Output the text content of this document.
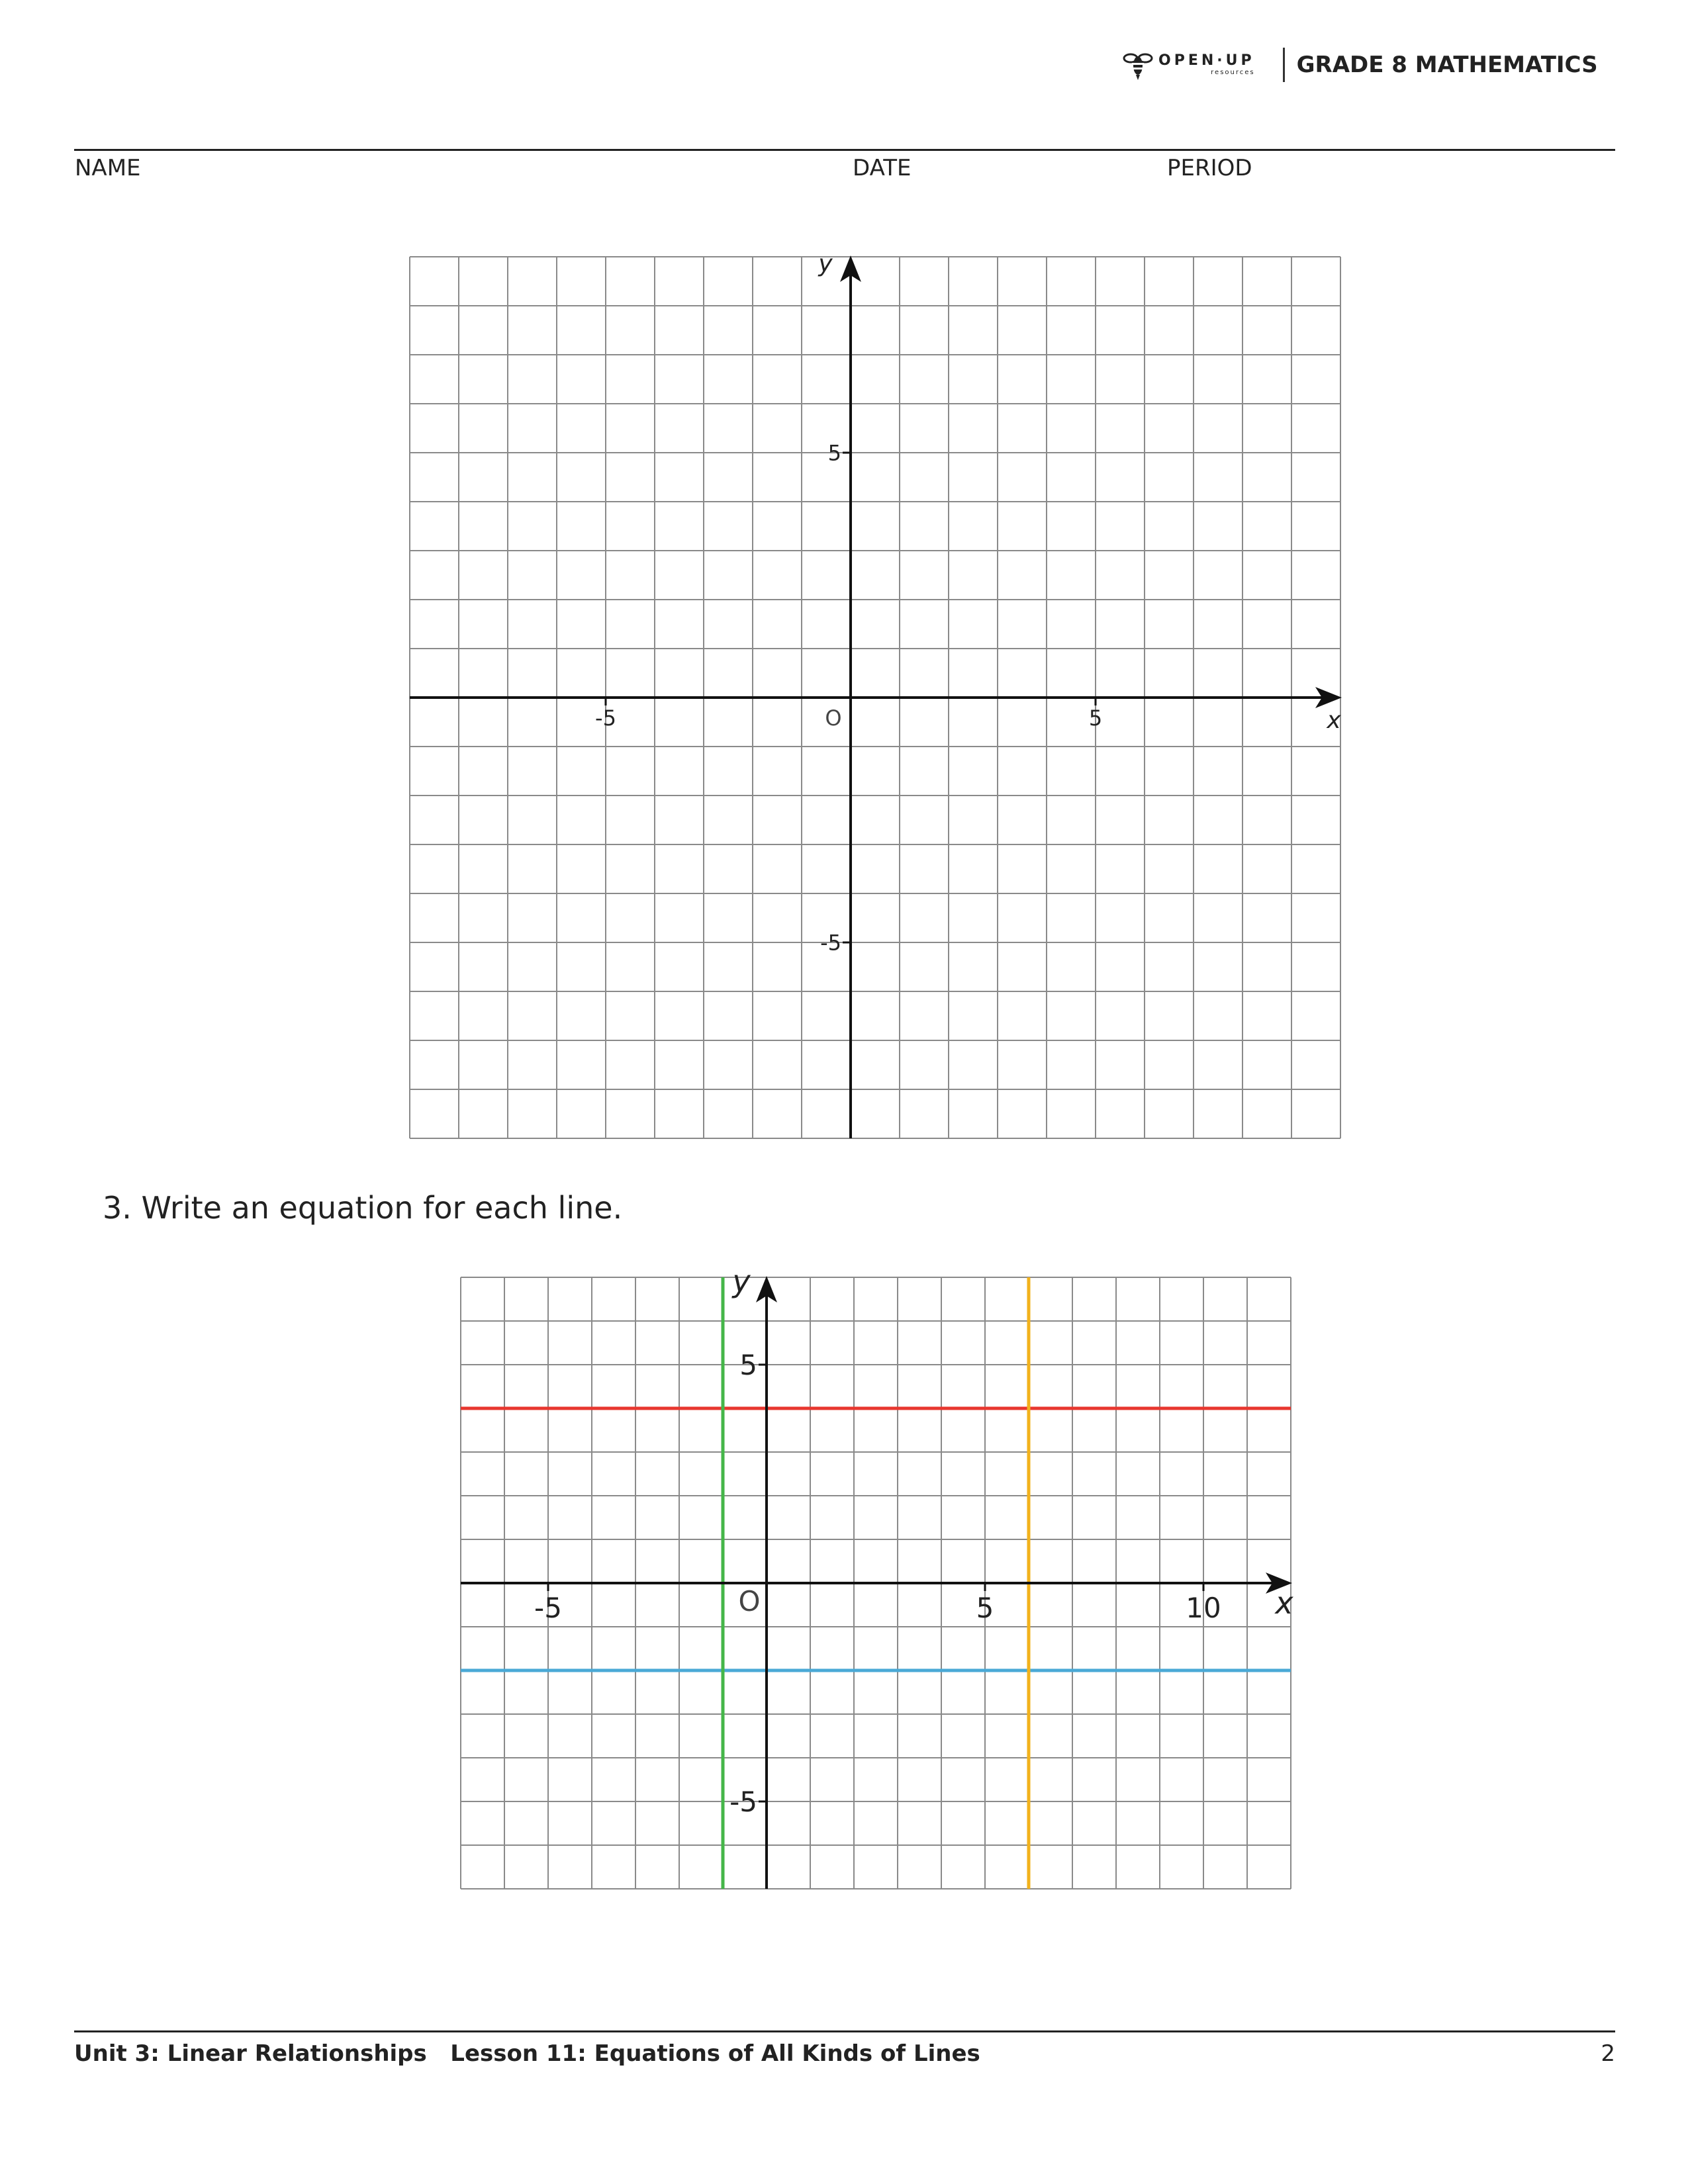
OPEN·UP
resources GRADE 8 MATHEMATICS
NAME	DATE	PERIOD
x
y
O
-5	5
5
-5
3. Write an equation for each line.
x
y
O
-5	5	10
5
-5
Unit 3: Linear Relationships Lesson 11: Equations of All Kinds of Lines	2
